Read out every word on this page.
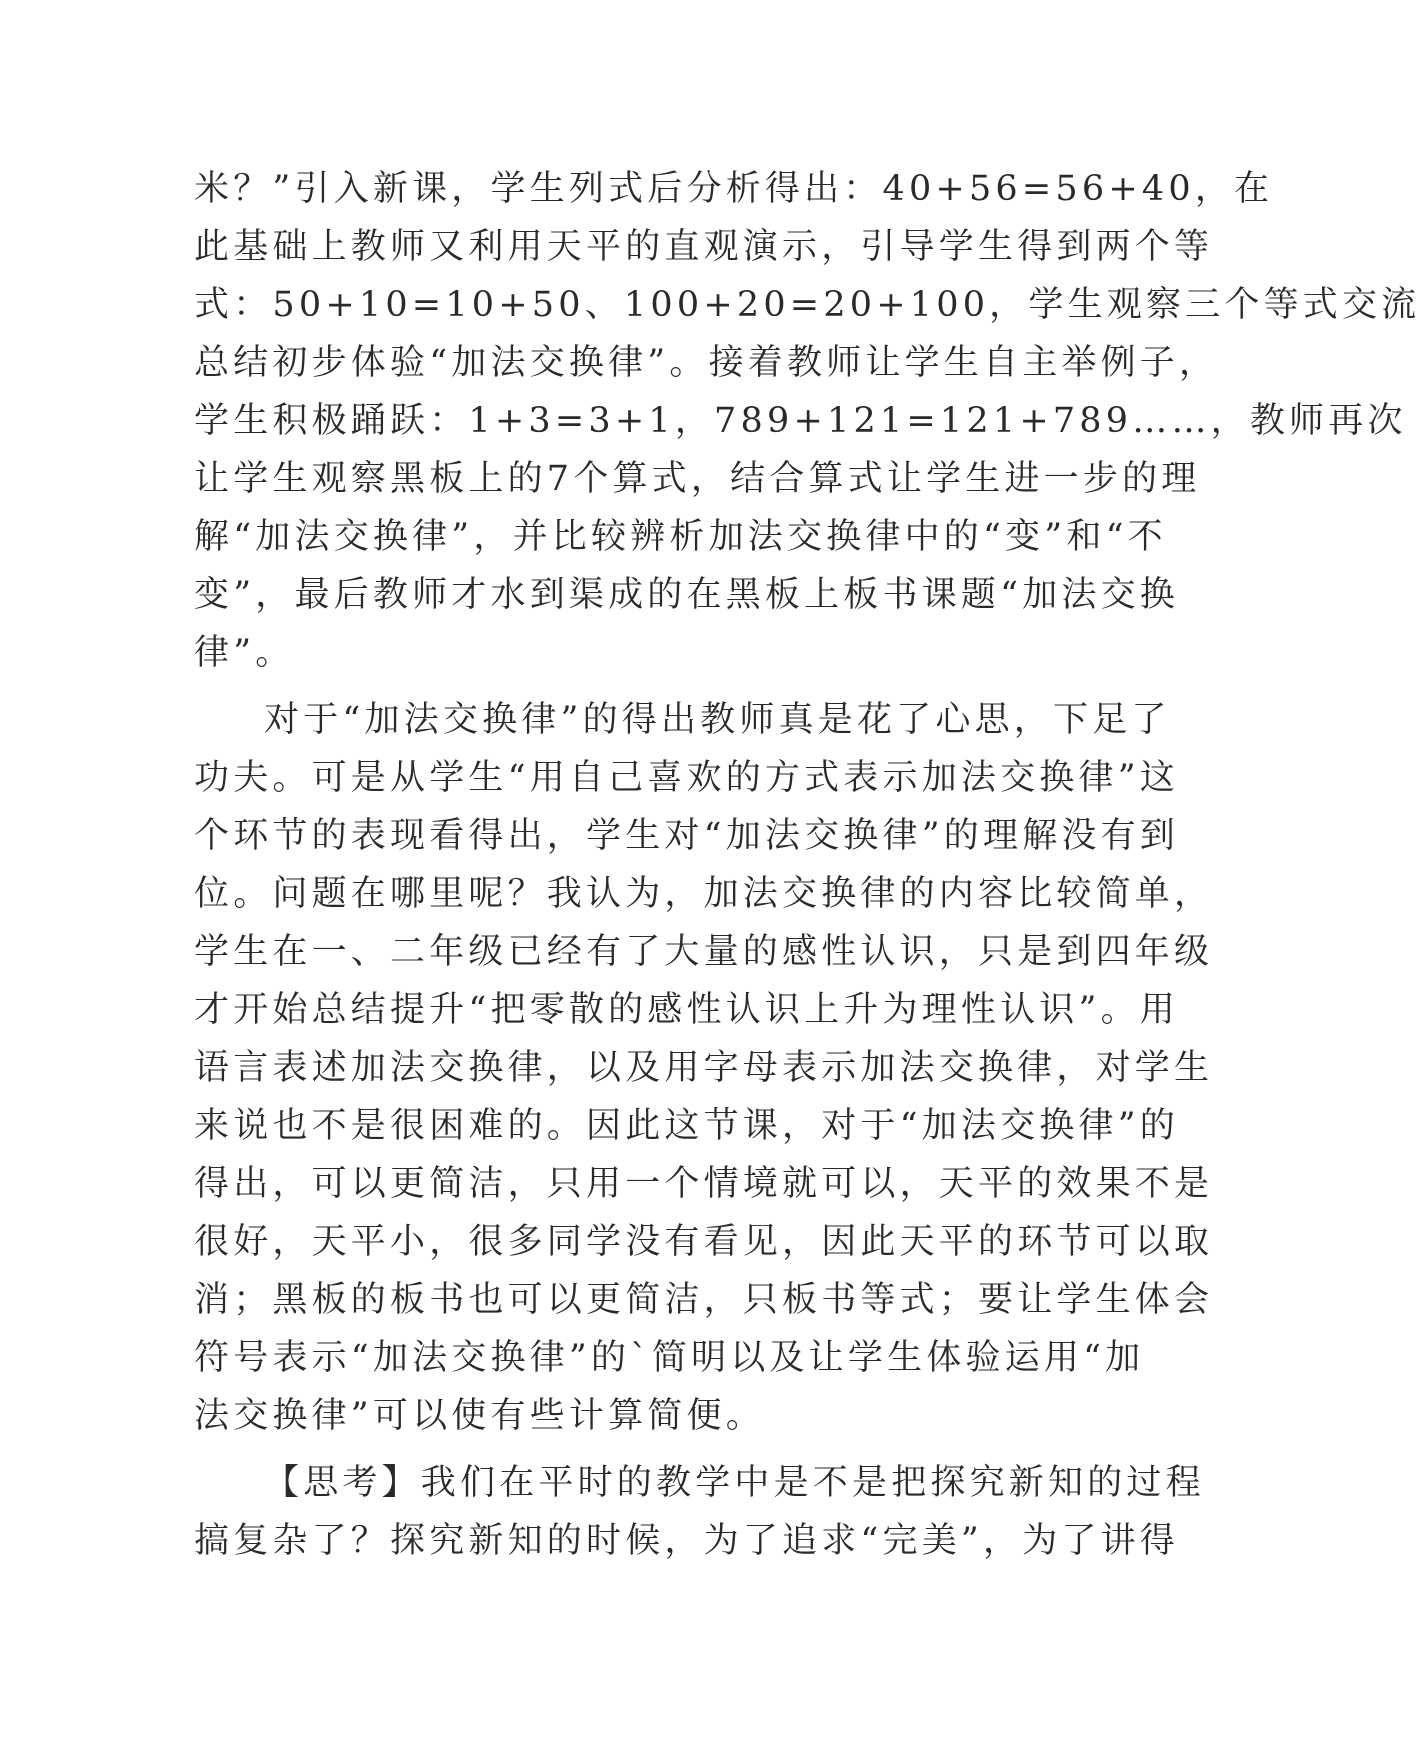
米？”引入新课，学生列式后分析得出：40+56=56+40，在
此基础上教师又利用天平的直观演示，引导学生得到两个等
式：50+10=10+50、100+20=20+100，学生观察三个等式交流
总结初步体验“加法交换律”。接着教师让学生自主举例子，
学生积极踊跃：1+3=3+1，789+121=121+789……，教师再次
让学生观察黑板上的7个算式，结合算式让学生进一步的理
解“加法交换律”，并比较辨析加法交换律中的“变”和“不
变”，最后教师才水到渠成的在黑板上板书课题“加法交换
律”。
对于“加法交换律”的得出教师真是花了心思，下足了
功夫。可是从学生“用自己喜欢的方式表示加法交换律”这
个环节的表现看得出，学生对“加法交换律”的理解没有到
位。问题在哪里呢？我认为，加法交换律的内容比较简单，
学生在一、二年级已经有了大量的感性认识，只是到四年级
才开始总结提升“把零散的感性认识上升为理性认识”。用
语言表述加法交换律，以及用字母表示加法交换律，对学生
来说也不是很困难的。因此这节课，对于“加法交换律”的
得出，可以更简洁，只用一个情境就可以，天平的效果不是
很好，天平小，很多同学没有看见，因此天平的环节可以取
消；黑板的板书也可以更简洁，只板书等式；要让学生体会
符号表示“加法交换律”的`简明以及让学生体验运用“加
法交换律”可以使有些计算简便。
【思考】我们在平时的教学中是不是把探究新知的过程
搞复杂了？探究新知的时候，为了追求“完美”，为了讲得
